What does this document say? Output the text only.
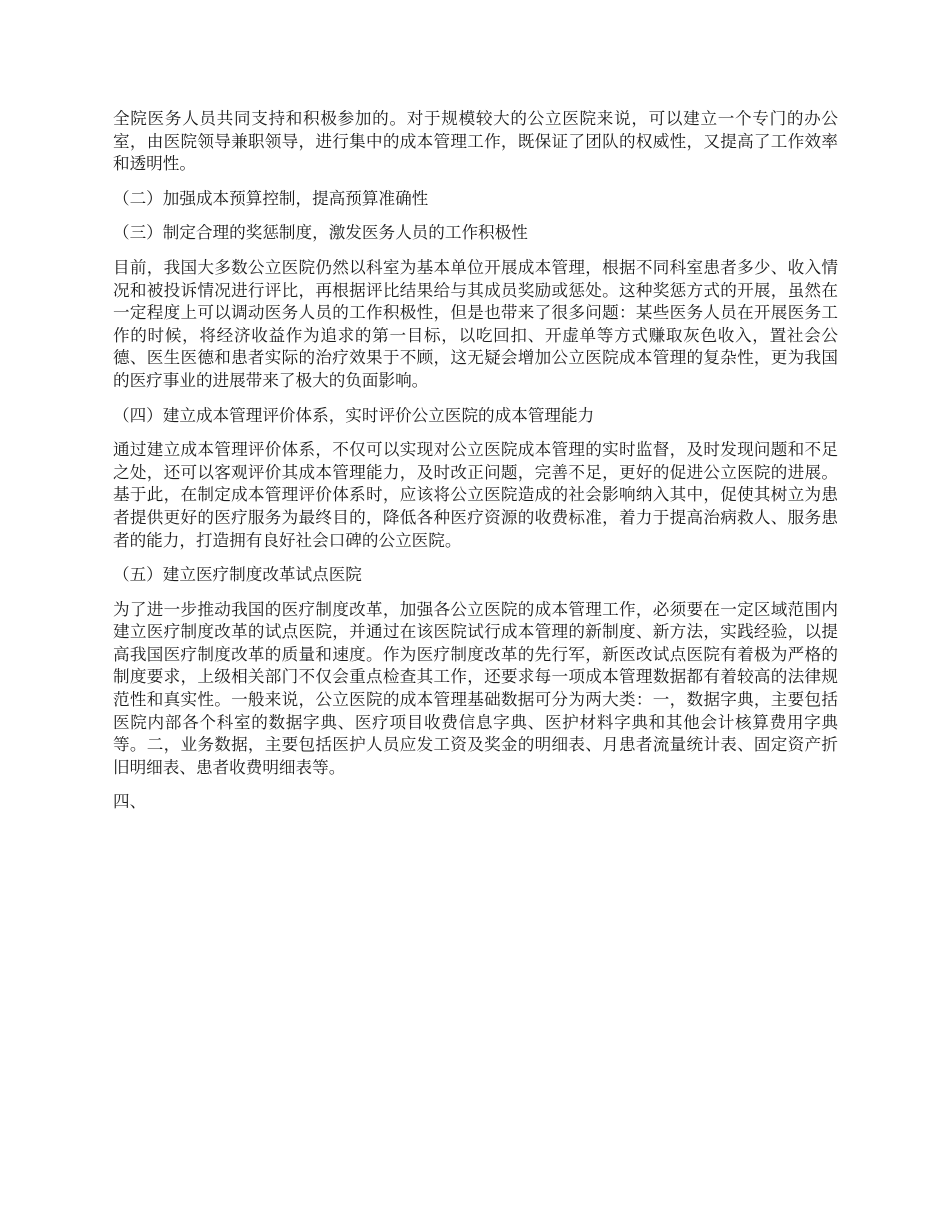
全院医务人员共同支持和积极参加的。对于规模较大的公立医院来说，可以建立一个专门的办公室，由医院领导兼职领导，进行集中的成本管理工作，既保证了团队的权威性，又提高了工作效率和透明性。

（二）加强成本预算控制，提高预算准确性

（三）制定合理的奖惩制度，激发医务人员的工作积极性

目前，我国大多数公立医院仍然以科室为基本单位开展成本管理，根据不同科室患者多少、收入情况和被投诉情况进行评比，再根据评比结果给与其成员奖励或惩处。这种奖惩方式的开展，虽然在一定程度上可以调动医务人员的工作积极性，但是也带来了很多问题：某些医务人员在开展医务工作的时候，将经济收益作为追求的第一目标，以吃回扣、开虚单等方式赚取灰色收入，置社会公德、医生医德和患者实际的治疗效果于不顾，这无疑会增加公立医院成本管理的复杂性，更为我国的医疗事业的进展带来了极大的负面影响。

（四）建立成本管理评价体系，实时评价公立医院的成本管理能力

通过建立成本管理评价体系，不仅可以实现对公立医院成本管理的实时监督，及时发现问题和不足之处，还可以客观评价其成本管理能力，及时改正问题，完善不足，更好的促进公立医院的进展。基于此，在制定成本管理评价体系时，应该将公立医院造成的社会影响纳入其中，促使其树立为患者提供更好的医疗服务为最终目的，降低各种医疗资源的收费标准，着力于提高治病救人、服务患者的能力，打造拥有良好社会口碑的公立医院。

（五）建立医疗制度改革试点医院

为了进一步推动我国的医疗制度改革，加强各公立医院的成本管理工作，必须要在一定区域范围内建立医疗制度改革的试点医院，并通过在该医院试行成本管理的新制度、新方法，实践经验，以提高我国医疗制度改革的质量和速度。作为医疗制度改革的先行军，新医改试点医院有着极为严格的制度要求，上级相关部门不仅会重点检查其工作，还要求每一项成本管理数据都有着较高的法律规范性和真实性。一般来说，公立医院的成本管理基础数据可分为两大类：一，数据字典，主要包括医院内部各个科室的数据字典、医疗项目收费信息字典、医护材料字典和其他会计核算费用字典等。二，业务数据，主要包括医护人员应发工资及奖金的明细表、月患者流量统计表、固定资产折旧明细表、患者收费明细表等。

四、
